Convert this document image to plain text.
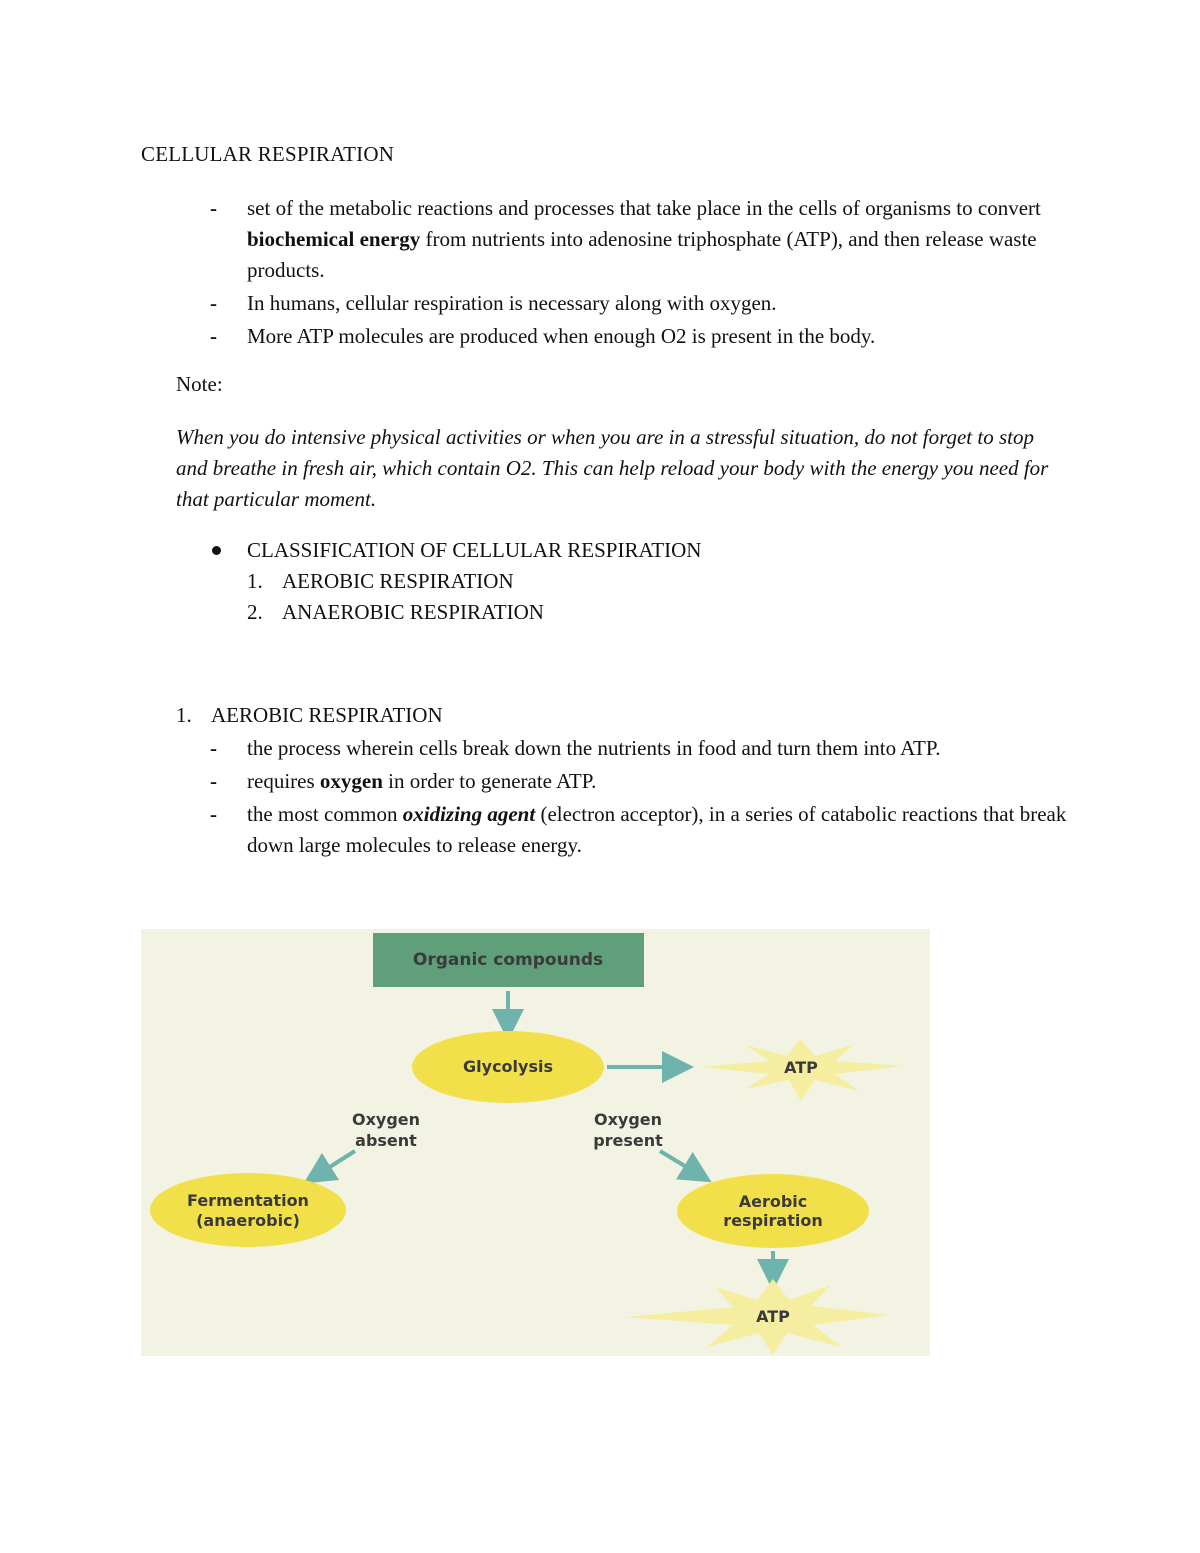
CELLULAR RESPIRATION
- set of the metabolic reactions and processes that take place in the cells of organisms to convert biochemical energy from nutrients into adenosine triphosphate (ATP), and then release waste products.
- In humans, cellular respiration is necessary along with oxygen.
- More ATP molecules are produced when enough O2 is present in the body.
Note:
When you do intensive physical activities or when you are in a stressful situation, do not forget to stop and breathe in fresh air, which contain O2. This can help reload your body with the energy you need for that particular moment.
CLASSIFICATION OF CELLULAR RESPIRATION
1. AEROBIC RESPIRATION
2. ANAEROBIC RESPIRATION
1. AEROBIC RESPIRATION
- the process wherein cells break down the nutrients in food and turn them into ATP.
- requires oxygen in order to generate ATP.
- the most common oxidizing agent (electron acceptor), in a series of catabolic reactions that break down large molecules to release energy.
Organic compounds
Glycolysis	ATP
Oxygen
absent
Oxygen
present
Fermentation
(anaerobic)
Aerobic
respiration
ATP
